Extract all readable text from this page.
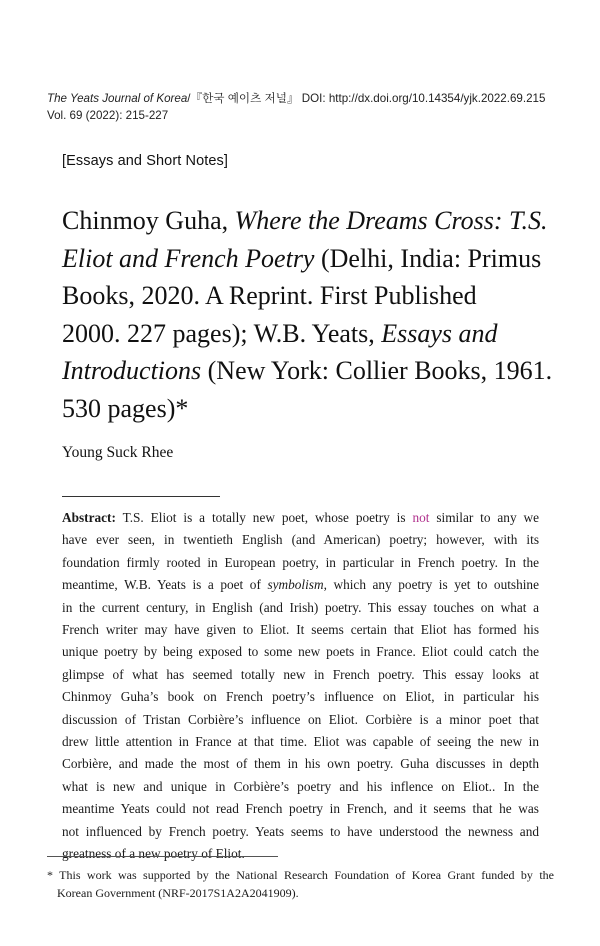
The Yeats Journal of Korea/『한국 예이츠 저널』 DOI: http://dx.doi.org/10.14354/yjk.2022.69.215
Vol. 69 (2022): 215-227
[Essays and Short Notes]
Chinmoy Guha, Where the Dreams Cross: T.S.
Eliot and French Poetry (Delhi, India: Primus
Books, 2020. A Reprint. First Published
2000. 227 pages); W.B. Yeats, Essays and
Introductions (New York: Collier Books, 1961.
530 pages)*
Young Suck Rhee

Abstract: T.S. Eliot is a totally new poet, whose poetry is not similar to any we
have ever seen, in twentieth English (and American) poetry; however, with its
foundation firmly rooted in European poetry, in particular in French poetry. In the
meantime, W.B. Yeats is a poet of symbolism, which any poetry is yet to outshine
in the current century, in English (and Irish) poetry. This essay touches on what a
French writer may have given to Eliot. It seems certain that Eliot has formed his
unique poetry by being exposed to some new poets in France. Eliot could catch the
glimpse of what has seemed totally new in French poetry. This essay looks at
Chinmoy Guha’s book on French poetry’s influence on Eliot, in particular his
discussion of Tristan Corbière’s influence on Eliot. Corbière is a minor poet that
drew little attention in France at that time. Eliot was capable of seeing the new in
Corbière, and made the most of them in his own poetry. Guha discusses in depth
what is new and unique in Corbière’s poetry and his inflence on Eliot.. In the
meantime Yeats could not read French poetry in French, and it seems that he was
not influenced by French poetry. Yeats seems to have understood the newness and
greatness of a new poetry of Eliot.

* This work was supported by the National Research Foundation of Korea Grant funded by the
Korean Government (NRF-2017S1A2A2041909).
